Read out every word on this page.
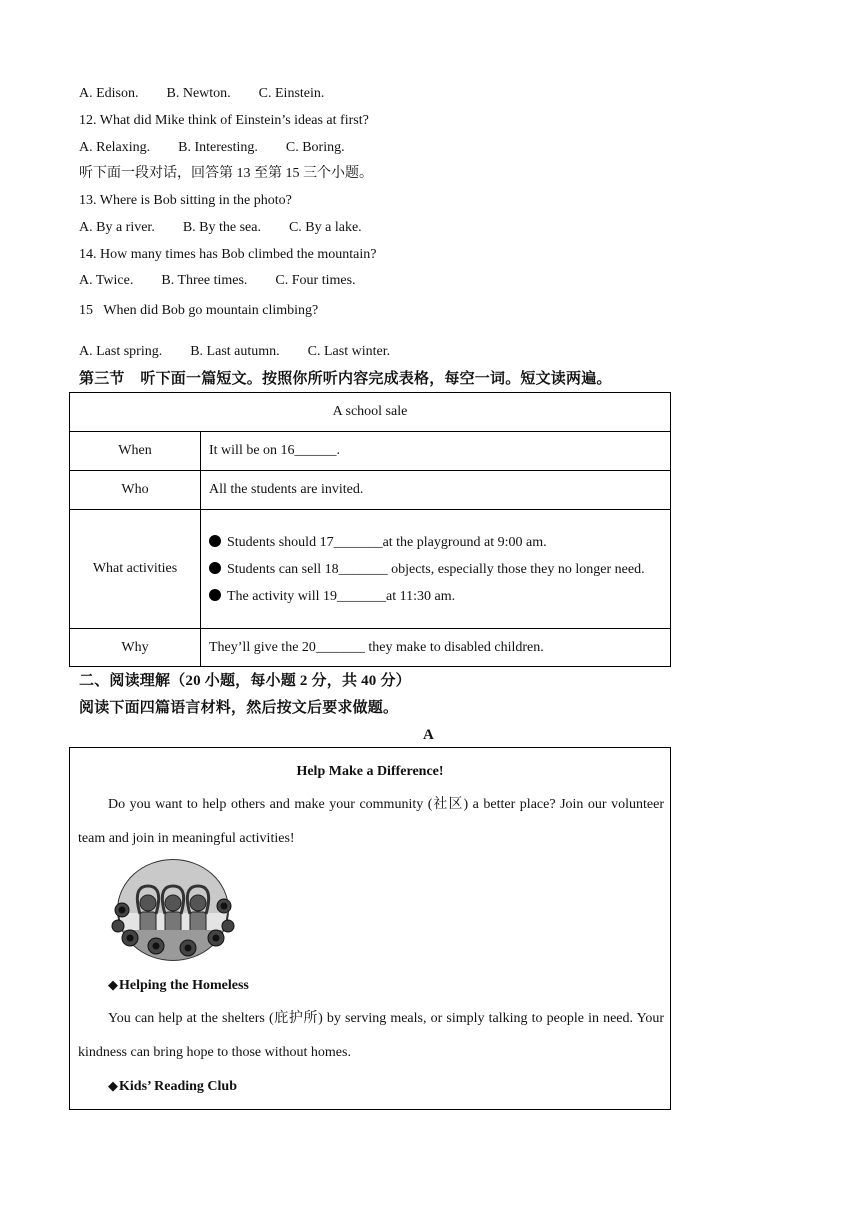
A. Edison.        B. Newton.        C. Einstein.
12. What did Mike think of Einstein’s ideas at first?
A. Relaxing.        B. Interesting.        C. Boring.
听下面一段对话，回答第 13 至第 15 三个小题。
13. Where is Bob sitting in the photo?
A. By a river.        B. By the sea.        C. By a lake.
14. How many times has Bob climbed the mountain?
A. Twice.        B. Three times.        C. Four times.
15   When did Bob go mountain climbing?
A. Last spring.        B. Last autumn.        C. Last winter.
第三节    听下面一篇短文。按照你所听内容完成表格，每空一词。短文读两遍。
A school sale	
When	It will be on 16______.
Who	All the students are invited.
What activities	Students should 17_______at the playground at 9:00 am.
Students can sell 18_______ objects, especially those they no longer need.
The activity will 19_______at 11:30 am.

Why	They’ll give the 20_______ they make to disabled children.
二、阅读理解（20 小题，每小题 2 分，共 40 分）
阅读下面四篇语言材料，然后按文后要求做题。
A
Help Make a Difference!
Do you want to help others and make your community (社区) a better place? Join our volunteer team and join in meaningful activities!
◆Helping the Homeless
You can help at the shelters (庇护所) by serving meals, or simply talking to people in need. Your kindness can bring hope to those without homes.
◆Kids’ Reading Club
